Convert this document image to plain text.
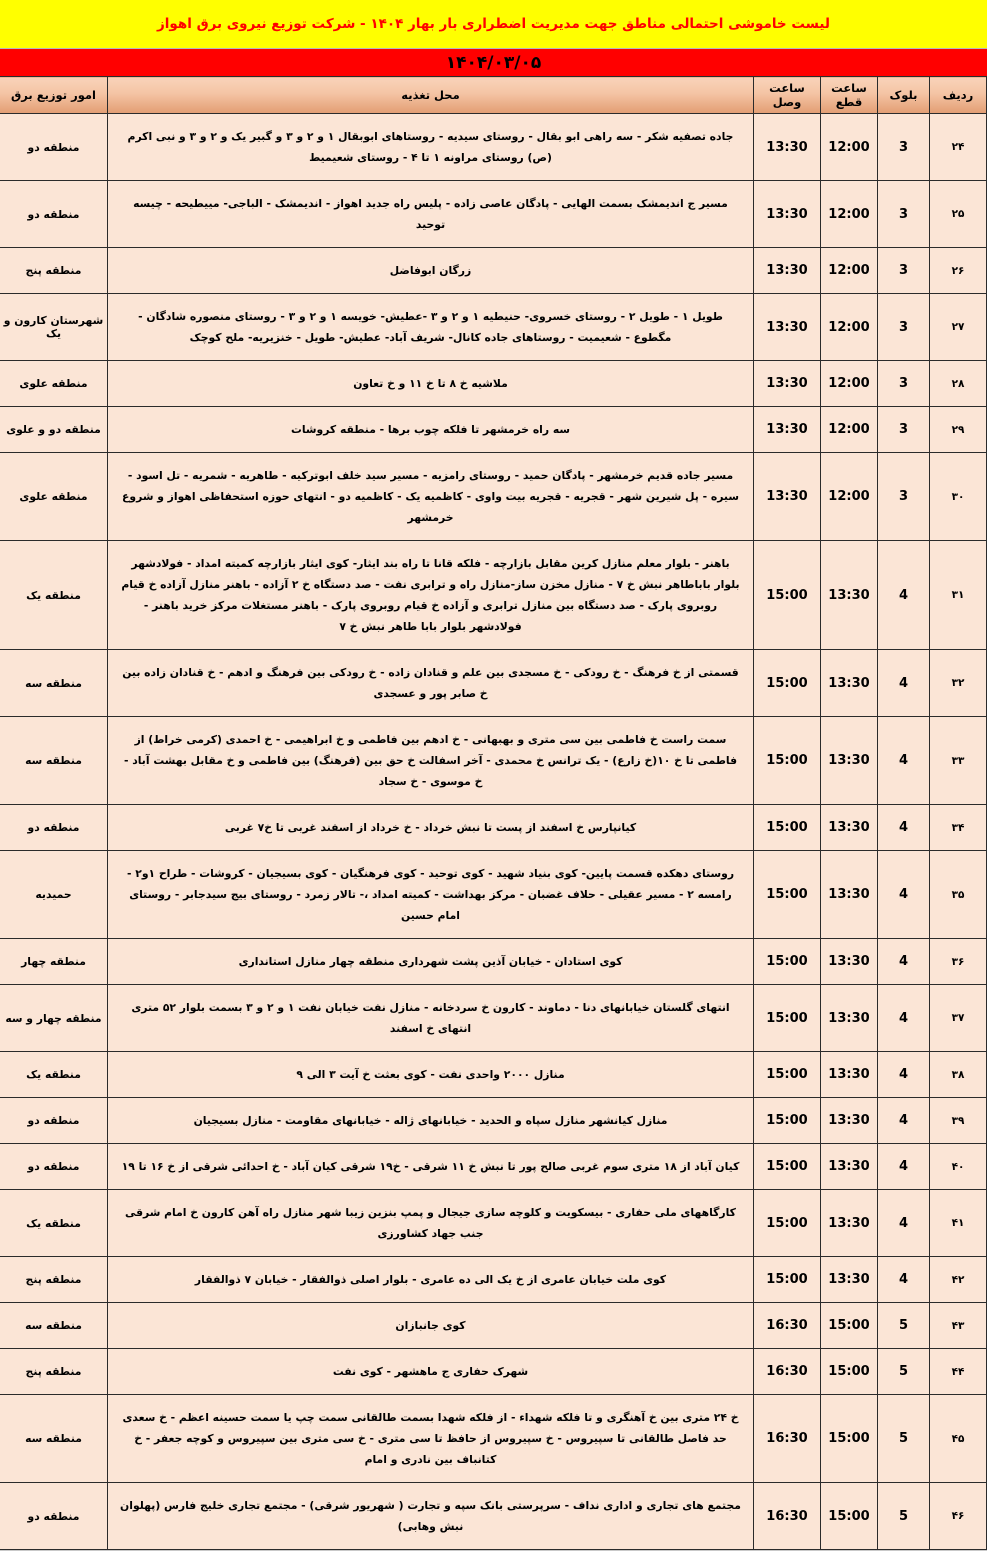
لیست خاموشی احتمالی مناطق جهت مدیریت اضطراری بار بهار ۱۴۰۴ - شرکت توزیع نیروی برق اهواز
۱۴۰۴/۰۳/۰۵
ردیف	بلوک	ساعت قطع	ساعت وصل	محل تغذیه	امور توزیع برق
۲۴	3	12:00	13:30	جاده تصفیه شکر - سه راهی ابو بقال - روستای سیدیه - روستاهای ابوبقال ۱ و ۲ و ۳ و گبیر یک و ۲ و ۳ و نبی اکرم (ص) روستای مراونه ۱ تا ۴ - روستای شعیمیط	منطقه دو
۲۵	3	12:00	13:30	مسیر ج اندیمشک بسمت الهایی - پادگان عاصی زاده - پلیس راه جدید اهواز - اندیمشک - الباجی- مییطیحه - چیسه توحید	منطقه دو
۲۶	3	12:00	13:30	زرگان ابوفاضل	منطقه پنج
۲۷	3	12:00	13:30	طویل ۱ - طویل ۲ - روستای خسروی- حنیطیه ۱ و ۲ و ۳ -عطیش- خویسه ۱ و ۲ و ۳ - روستای منصوره شادگان - مگطوع - شعیمیت - روستاهای جاده کانال- شریف آباد- عطیش- طویل - خنزیریه- ملح کوچک	شهرستان کارون و یک
۲۸	3	12:00	13:30	ملاشیه خ ۸ تا خ ۱۱ و خ تعاون	منطقه علوی
۲۹	3	12:00	13:30	سه راه خرمشهر تا فلکه چوب برها - منطقه کروشات	منطقه دو و علوی
۳۰	3	12:00	13:30	مسیر جاده قدیم خرمشهر - پادگان حمید - روستای رامزیه - مسیر سید خلف ابوترکیه - طاهریه - شمریه - تل اسود - سیره - پل شیرین شهر - قجریه - قجریه بیت واوی - کاظمیه یک - کاظمیه دو - انتهای حوزه استحفاظی اهواز و شروع خرمشهر	منطقه علوی
۳۱	4	13:30	15:00	باهنر - بلوار معلم منازل کرین مقابل بازارچه - فلکه قانا تا راه بند ایثار- کوی ایثار بازارچه کمیته امداد - فولادشهر بلوار باباطاهر نبش خ ۷ - منازل مخزن ساز-منازل راه و ترابری نفت - صد دستگاه خ ۲ آزاده - باهنر منازل آزاده خ قیام روبروی پارک - صد دستگاه بین منازل ترابری و آزاده خ قیام روبروی پارک - باهنر مستغلات مرکز خرید باهنر - فولادشهر بلوار بابا طاهر نبش خ ۷	منطقه یک
۳۲	4	13:30	15:00	قسمتی از خ فرهنگ - خ رودکی - خ مسجدی بین علم و قنادان زاده - خ رودکی بین فرهنگ و ادهم - خ قنادان زاده بین خ صابر پور و عسجدی	منطقه سه
۳۳	4	13:30	15:00	سمت راست خ فاطمی بین سی متری و بهبهانی - خ ادهم بین فاطمی و خ ابراهیمی - خ احمدی (کرمی خراط) از فاطمی تا خ ۱۰(خ زارع) - یک ترانس خ محمدی - آخر اسفالت خ حق بین (فرهنگ) بین فاطمی و خ مقابل بهشت آباد - خ موسوی - خ سجاد	منطقه سه
۳۴	4	13:30	15:00	کیانپارس خ اسفند از پست تا نبش خرداد - خ خرداد از اسفند غربی تا خ۷ غربی	منطقه دو
۳۵	4	13:30	15:00	روستای دهکده قسمت پایین- کوی بنیاد شهید - کوی توحید - کوی فرهنگیان - کوی بسیجیان - کروشات - طراح ۱و۲ - رامسه ۲ - مسیر عقیلی - حلاف غضبان - مرکز بهداشت - کمیته امداد ،- تالار زمرد - روستای بیج سیدجابر - روستای امام حسین	حمیدیه
۳۶	4	13:30	15:00	کوی استادان - خیابان آذین پشت شهرداری منطقه چهار منازل استانداری	منطقه چهار
۳۷	4	13:30	15:00	انتهای گلستان خیابانهای دنا - دماوند - کارون خ سردخانه - منازل نفت خیابان نفت ۱ و ۲ و ۳ بسمت بلوار ۵۲ متری انتهای خ اسفند	منطقه چهار و سه
۳۸	4	13:30	15:00	منازل ۲۰۰۰ واحدی نفت - کوی بعثت خ آیت ۳ الی ۹	منطقه یک
۳۹	4	13:30	15:00	منازل کیانشهر منازل سپاه و الحدید - خیابانهای ژاله - خیابانهای مقاومت - منازل بسیجیان	منطقه دو
۴۰	4	13:30	15:00	کیان آباد از ۱۸ متری سوم غربی صالح پور تا نبش خ ۱۱ شرقی - خ۱۹ شرقی کیان آباد - خ احدائی شرقی از خ ۱۶ تا ۱۹	منطقه دو
۴۱	4	13:30	15:00	کارگاههای ملی حفاری - بیسکویت و کلوچه سازی جیجال و پمپ بنزین زیبا شهر منازل راه آهن کارون خ امام شرقی جنب جهاد کشاورزی	منطقه یک
۴۲	4	13:30	15:00	کوی ملت خیابان عامری از خ یک الی ده عامری - بلوار اصلی ذوالفقار - خیابان ۷ ذوالفقار	منطقه پنج
۴۳	5	15:00	16:30	کوی جانبازان	منطقه سه
۴۴	5	15:00	16:30	شهرک حفاری ج ماهشهر - کوی نفت	منطقه پنج
۴۵	5	15:00	16:30	خ ۲۴ متری بین خ آهنگری و تا فلکه شهداء - از فلکه شهدا بسمت طالقانی سمت چپ یا سمت حسینه اعظم - خ سعدی حد فاصل طالقانی تا سپیروس - خ سپیروس از حافظ تا سی متری - خ سی متری بین سپیروس و کوچه جعفر - خ کتانباف بین نادری و امام	منطقه سه
۴۶	5	15:00	16:30	مجتمع های تجاری و اداری نداف - سرپرستی بانک سپه و تجارت ( شهریور شرقی) - مجتمع تجاری خلیج فارس (پهلوان نبش وهابی)	منطقه دو
